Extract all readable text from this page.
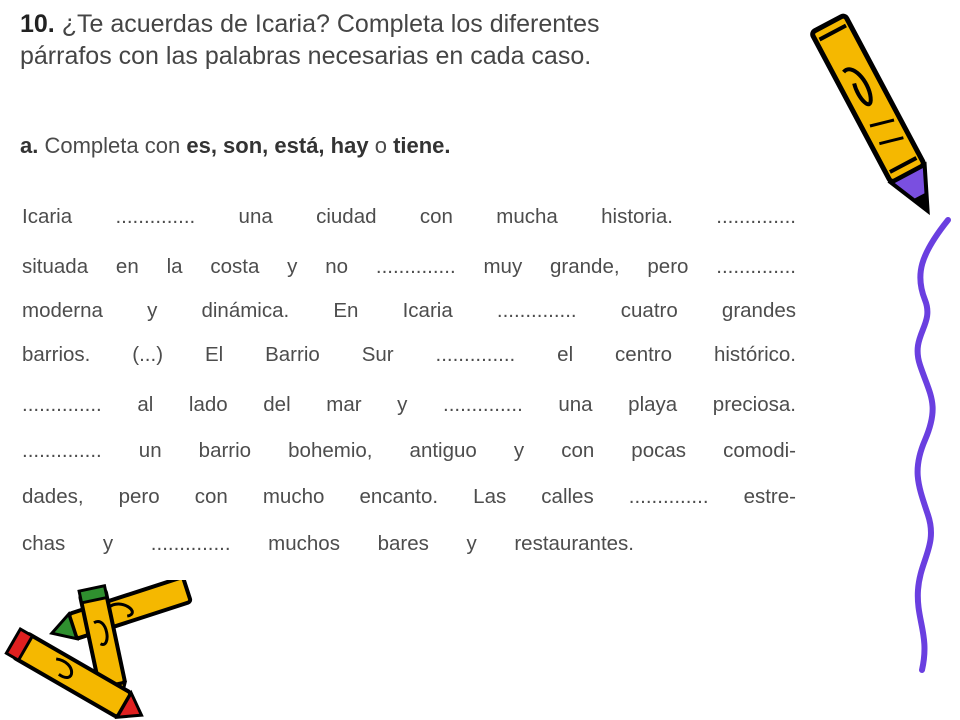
10. ¿Te acuerdas de Icaria? Completa los diferentes
párrafos con las palabras necesarias en cada caso.
a. Completa con es, son, está, hay o tiene.
Icaria .............. una ciudad con mucha historia. ..............
situada en la costa y no .............. muy grande, pero ..............
moderna y dinámica. En Icaria .............. cuatro grandes
barrios. (...) El Barrio Sur .............. el centro histórico.
.............. al lado del mar y .............. una playa preciosa.
.............. un barrio bohemio, antiguo y con pocas comodi-
dades, pero con mucho encanto. Las calles .............. estre-
chas y .............. muchos bares y restaurantes.
